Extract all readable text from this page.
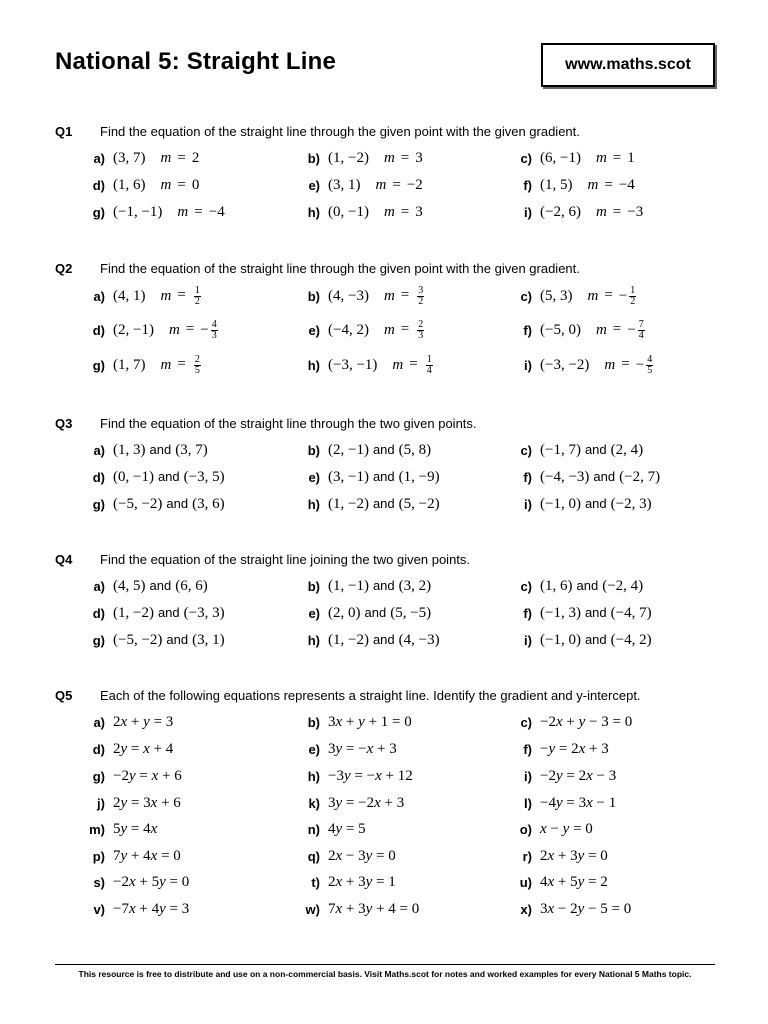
National 5: Straight Line	www.maths.scot
Q1 Find the equation of the straight line through the given point with the given gradient.
Q2 Find the equation of the straight line through the given point with the given gradient.
Q3 Find the equation of the straight line through the two given points.
Q4 Find the equation of the straight line joining the two given points.
Q5 Each of the following equations represents a straight line. Identify the gradient and y-intercept.
a) (3, 7)  m = 2	b) (1, −2)  m = 3	c) (6, −1)  m = 1
d) (1, 6)  m = 0	e) (3, 1)  m = −2	f) (1, 5)  m = −4
g) (−1, −1)  m = −4	h) (0, −1)  m = 3	i) (−2, 6)  m = −3
a) (4, 1)  $m = \frac{1}{2}$	b) (4, −3)  $m = \frac{3}{2}$	c) (5, 3)  m = − $\frac{1}{2}$
d) (2, −1)  m = − $\frac{4}{3}$	e) (−4, 2)  $m = \frac{2}{3}$	f) (−5, 0)  m = − $\frac{7}{4}$
g) (1, 7)  $m = \frac{2}{5}$	h) (−3, −1)  $m = \frac{1}{4}$	i) (−3, −2)  m = − $\frac{4}{5}$
a) (1, 3) and (3, 7)	b) (2, −1) and (5, 8)	c) (−1, 7) and (2, 4)
d) (0, −1) and (−3, 5)	e) (3, −1) and (1, −9)	f) (−4, −3) and (−2, 7)
g) (−5, −2) and (3, 6)	h) (1, −2) and (5, −2)	i) (−1, 0) and (−2, 3)
a) (4, 5) and (6, 6)	b) (1, −1) and (3, 2)	c) (1, 6) and (−2, 4)
d) (1, −2) and (−3, 3)	e) (2, 0) and (5, −5)	f) (−1, 3) and (−4, 7)
g) (−5, −2) and (3, 1)	h) (1, −2) and (4, −3)	i) (−1, 0) and (−4, 2)
a) 2x + y = 3	b) 3x + y + 1 = 0	c) −2x + y − 3 = 0
d) 2y = x + 4	e) 3y = −x + 3	f) −y = 2x + 3
g) −2y = x + 6	h) −3y = −x + 12	i) −2y = 2x − 3
j) 2y = 3x + 6	k) 3y = −2x + 3	l) −4y = 3x − 1
m) 5y = 4x	n) 4y = 5	o) x − y = 0
p) 7y + 4x = 0	q) 2x − 3y = 0	r) 2x + 3y = 0
s) −2x + 5y = 0	t) 2x + 3y = 1	u) 4x + 5y = 2
v) −7x + 4y = 3	w) 7x + 3y + 4 = 0	x) 3x − 2y − 5 = 0
This resource is free to distribute and use on a non-commercial basis. Visit Maths.scot for notes and worked examples for every National 5 Maths topic.
